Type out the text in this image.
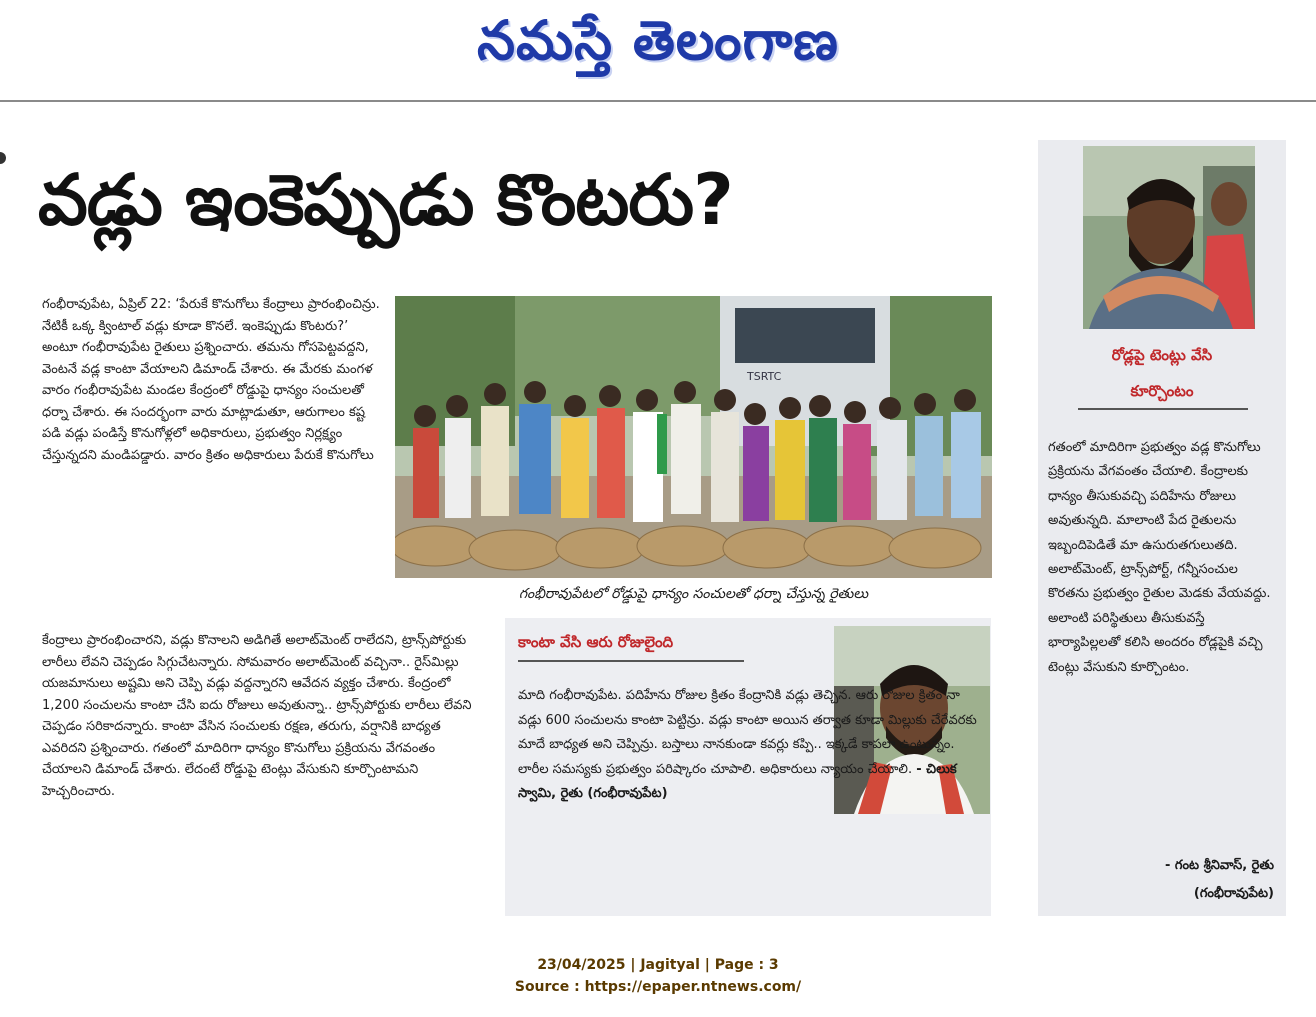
నమస్తే తెలంగాణ
వడ్లు ఇంకెప్పుడు కొంటరు?
గంభీరావుపేట, ఏప్రిల్ 22: ‘పేరుకే కొనుగోలు కేంద్రాలు ప్రారంభించిన్రు. నేటికీ ఒక్క క్వింటాల్ వడ్లు కూడా కొనలే. ఇంకెప్పుడు కొంటరు?’ అంటూ గంభీరావుపేట రైతులు ప్రశ్నించారు. తమను గోసపెట్టవద్దని, వెంటనే వడ్ల కాంటా వేయాలని డిమాండ్ చేశారు. ఈ మేరకు మంగళ వారం గంభీరావుపేట మండల కేంద్రంలో రోడ్డుపై ధాన్యం సంచులతో ధర్నా చేశారు. ఈ సందర్భంగా వారు మాట్లాడుతూ, ఆరుగాలం కష్ట పడి వడ్లు పండిస్తే కొనుగోళ్లలో అధికారులు, ప్రభుత్వం నిర్లక్ష్యం చేస్తున్నదని మండిపడ్డారు. వారం క్రితం అధికారులు పేరుకే కొనుగోలు
TSRTC
గంభీరావుపేటలో రోడ్డుపై ధాన్యం సంచులతో ధర్నా చేస్తున్న రైతులు
కేంద్రాలు ప్రారంభించారని, వడ్లు కొనాలని అడిగితే అలాట్‌మెంట్ రాలేదని, ట్రాన్స్‌పోర్టుకు లారీలు లేవని చెప్పడం సిగ్గుచేటన్నారు. సోమవారం అలాట్‌మెంట్ వచ్చినా.. రైస్‌మిల్లు యజమానులు అష్టమి అని చెప్పి వడ్లు వద్దన్నారని ఆవేదన వ్యక్తం చేశారు. కేంద్రంలో 1,200 సంచులను కాంటా చేసి ఐదు రోజులు అవుతున్నా.. ట్రాన్స్‌పోర్టుకు లారీలు లేవని చెప్పడం సరికాదన్నారు. కాంటా వేసిన సంచులకు రక్షణ, తరుగు, వర్షానికి బాధ్యత ఎవరిదని ప్రశ్నించారు. గతంలో మాదిరిగా ధాన్యం కొనుగోలు ప్రక్రియను వేగవంతం చేయాలని డిమాండ్ చేశారు. లేదంటే రోడ్డుపై టెంట్లు వేసుకుని కూర్చొంటామని హెచ్చరించారు.
కాంటా వేసి ఆరు రోజులైంది
మాది గంభీరావుపేట. పదిహేను రోజుల క్రితం కేంద్రానికి వడ్లు తెచ్చిన. ఆరు రోజుల క్రితం నా వడ్లు 600 సంచులను కాంటా పెట్టిన్రు. వడ్లు కాంటా అయిన తర్వాత కూడా మిల్లుకు చేరేవరకు మాదే బాధ్యత అని చెప్పిన్రు. బస్తాలు నానకుండా కవర్లు కప్పి.. ఇక్కడే కాపలా ఉంటున్నం. లారీల సమస్యకు ప్రభుత్వం పరిష్కారం చూపాలి. అధికారులు న్యాయం చేయాలి. - చిలుక స్వామి, రైతు (గంభీరావుపేట)
రోడ్లపై టెంట్లు వేసి
కూర్చొంటం
గతంలో మాదిరిగా ప్రభుత్వం వడ్ల కొనుగోలు ప్రక్రియను వేగవంతం చేయాలి. కేంద్రాలకు ధాన్యం తీసుకువచ్చి పదిహేను రోజులు అవుతున్నది. మాలాంటి పేద రైతులను ఇబ్బందిపెడితే మా ఉసురుతగులుతది. అలాట్‌మెంట్, ట్రాన్స్‌పోర్ట్, గన్నీసంచుల కొరతను ప్రభుత్వం రైతుల మెడకు వేయవద్దు. అలాంటి పరిస్థితులు తీసుకువస్తే భార్యాపిల్లలతో కలిసి అందరం రోడ్లపైకి వచ్చి టెంట్లు వేసుకుని కూర్చొంటం.
- గంట శ్రీనివాస్, రైతు
(గంభీరావుపేట)
23/04/2025 | Jagityal | Page : 3
Source : https://epaper.ntnews.com/
